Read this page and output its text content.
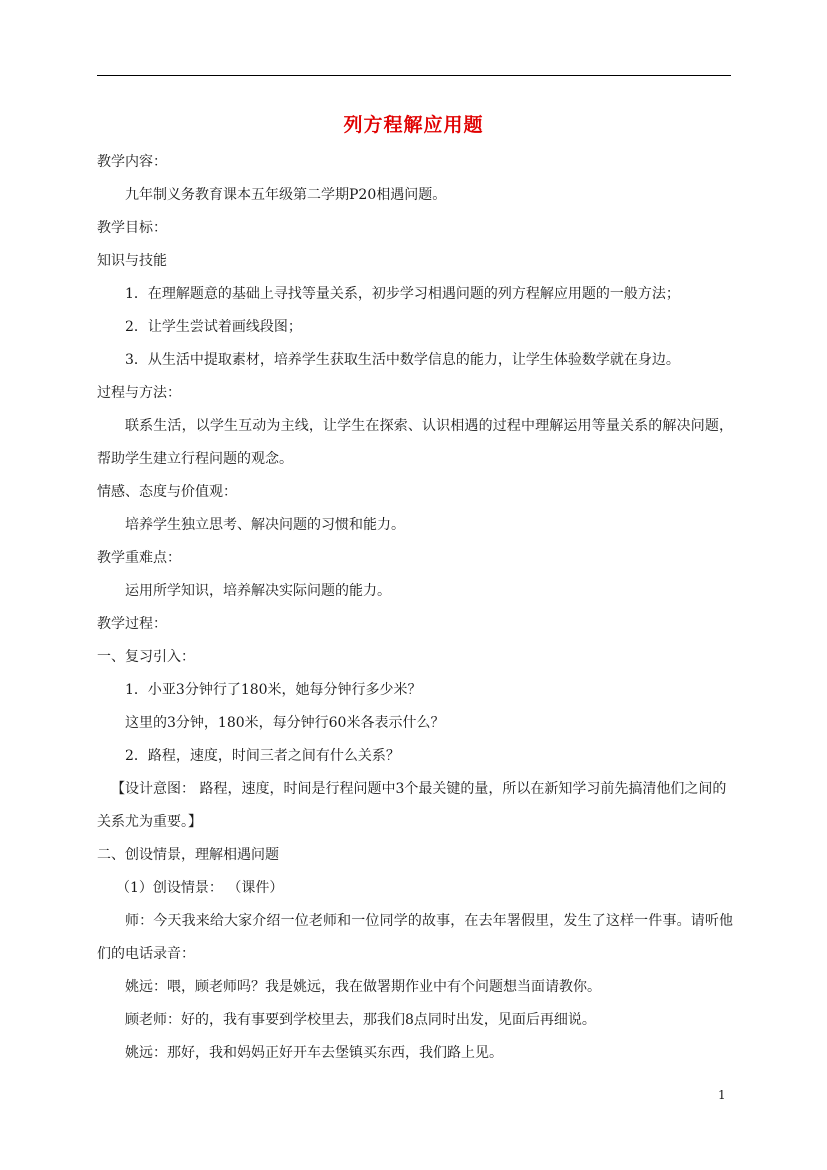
列方程解应用题
教学内容：
九年制义务教育课本五年级第二学期P20相遇问题。
教学目标：
知识与技能
1．在理解题意的基础上寻找等量关系，初步学习相遇问题的列方程解应用题的一般方法；
2．让学生尝试着画线段图；
3．从生活中提取素材，培养学生获取生活中数学信息的能力，让学生体验数学就在身边。
过程与方法：
联系生活，以学生互动为主线，让学生在探索、认识相遇的过程中理解运用等量关系的解决问题，帮助学生建立行程问题的观念。
情感、态度与价值观：
培养学生独立思考、解决问题的习惯和能力。
教学重难点：
运用所学知识，培养解决实际问题的能力。
教学过程：
一、复习引入：
1．小亚3分钟行了180米，她每分钟行多少米？
这里的3分钟，180米，每分钟行60米各表示什么？
2．路程，速度，时间三者之间有什么关系？
【设计意图： 路程，速度，时间是行程问题中3个最关键的量，所以在新知学习前先搞清他们之间的关系尤为重要。】
二、创设情景，理解相遇问题
（1）创设情景： （课件）
师：今天我来给大家介绍一位老师和一位同学的故事，在去年署假里，发生了这样一件事。请听他们的电话录音：
姚远：喂，顾老师吗？我是姚远，我在做署期作业中有个问题想当面请教你。
顾老师：好的，我有事要到学校里去，那我们8点同时出发，见面后再细说。
姚远：那好，我和妈妈正好开车去堡镇买东西，我们路上见。
1
